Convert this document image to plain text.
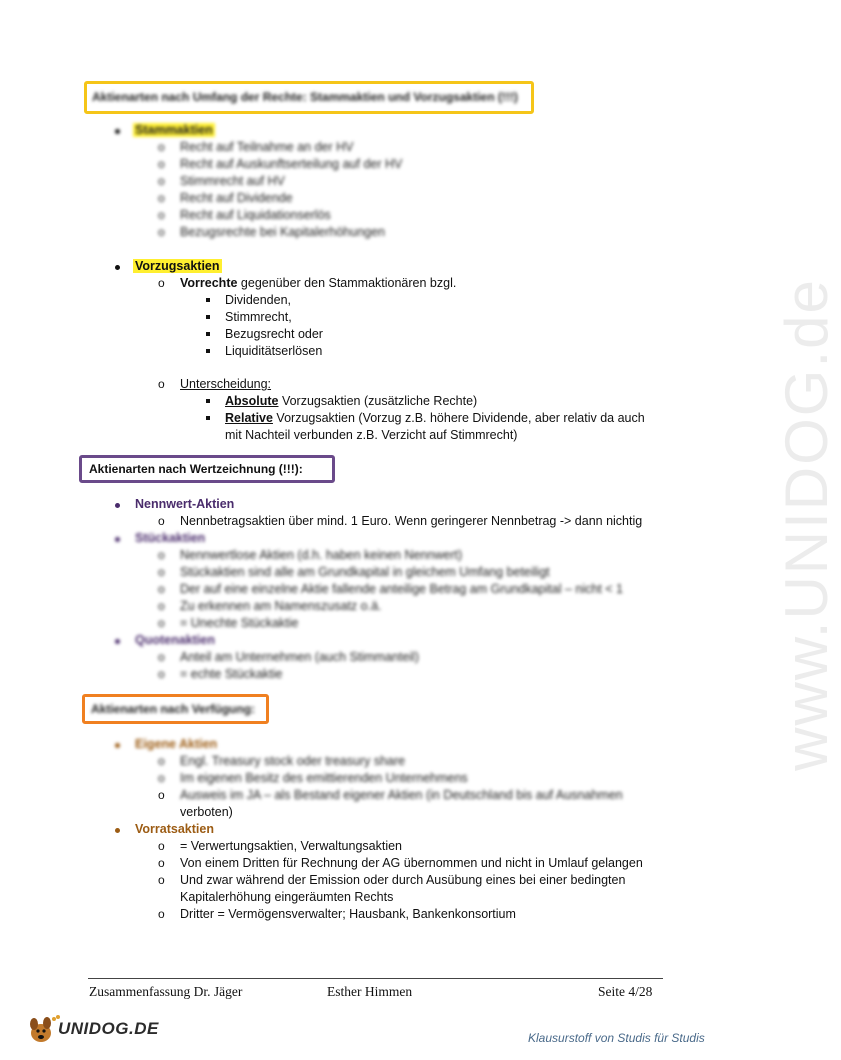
www.UNIDOG.de
Aktienarten nach Umfang der Rechte: Stammaktien und Vorzugsaktien (!!!)
Stammaktien
o Recht auf Teilnahme an der HV
o Recht auf Auskunftserteilung auf der HV
o Stimmrecht auf HV
o Recht auf Dividende
o Recht auf Liquidationserlös
o Bezugsrechte bei Kapitalerhöhungen
Vorzugsaktien
o Vorrechte gegenüber den Stammaktionären bzgl.
Dividenden,
Stimmrecht,
Bezugsrecht oder
Liquiditätserlösen
o Unterscheidung:
Absolute Vorzugsaktien (zusätzliche Rechte)
Relative Vorzugsaktien (Vorzug z.B. höhere Dividende, aber relativ da auch
mit Nachteil verbunden z.B. Verzicht auf Stimmrecht)
Aktienarten nach Wertzeichnung (!!!):
Nennwert-Aktien
o Nennbetragsaktien über mind. 1 Euro. Wenn geringerer Nennbetrag -> dann nichtig
Stückaktien
o Nennwertlose Aktien (d.h. haben keinen Nennwert)
o Stückaktien sind alle am Grundkapital in gleichem Umfang beteiligt
o Der auf eine einzelne Aktie fallende anteilige Betrag am Grundkapital – nicht < 1
o Zu erkennen am Namenszusatz o.ä.
o = Unechte Stückaktie
Quotenaktien
o Anteil am Unternehmen (auch Stimmanteil)
o = echte Stückaktie
Aktienarten nach Verfügung:
Eigene Aktien
o Engl. Treasury stock oder treasury share
o Im eigenen Besitz des emittierenden Unternehmens
o Ausweis im JA – als Bestand eigener Aktien (in Deutschland bis auf Ausnahmen
verboten)
Vorratsaktien
o = Verwertungsaktien, Verwaltungsaktien
o Von einem Dritten für Rechnung der AG übernommen und nicht in Umlauf gelangen
o Und zwar während der Emission oder durch Ausübung eines bei einer bedingten
Kapitalerhöhung eingeräumten Rechts
o Dritter = Vermögensverwalter; Hausbank, Bankenkonsortium
Zusammenfassung Dr. Jäger	Esther Himmen	Seite 4/28
UNIDOG.DE	Klausurstoff von Studis für Studis
